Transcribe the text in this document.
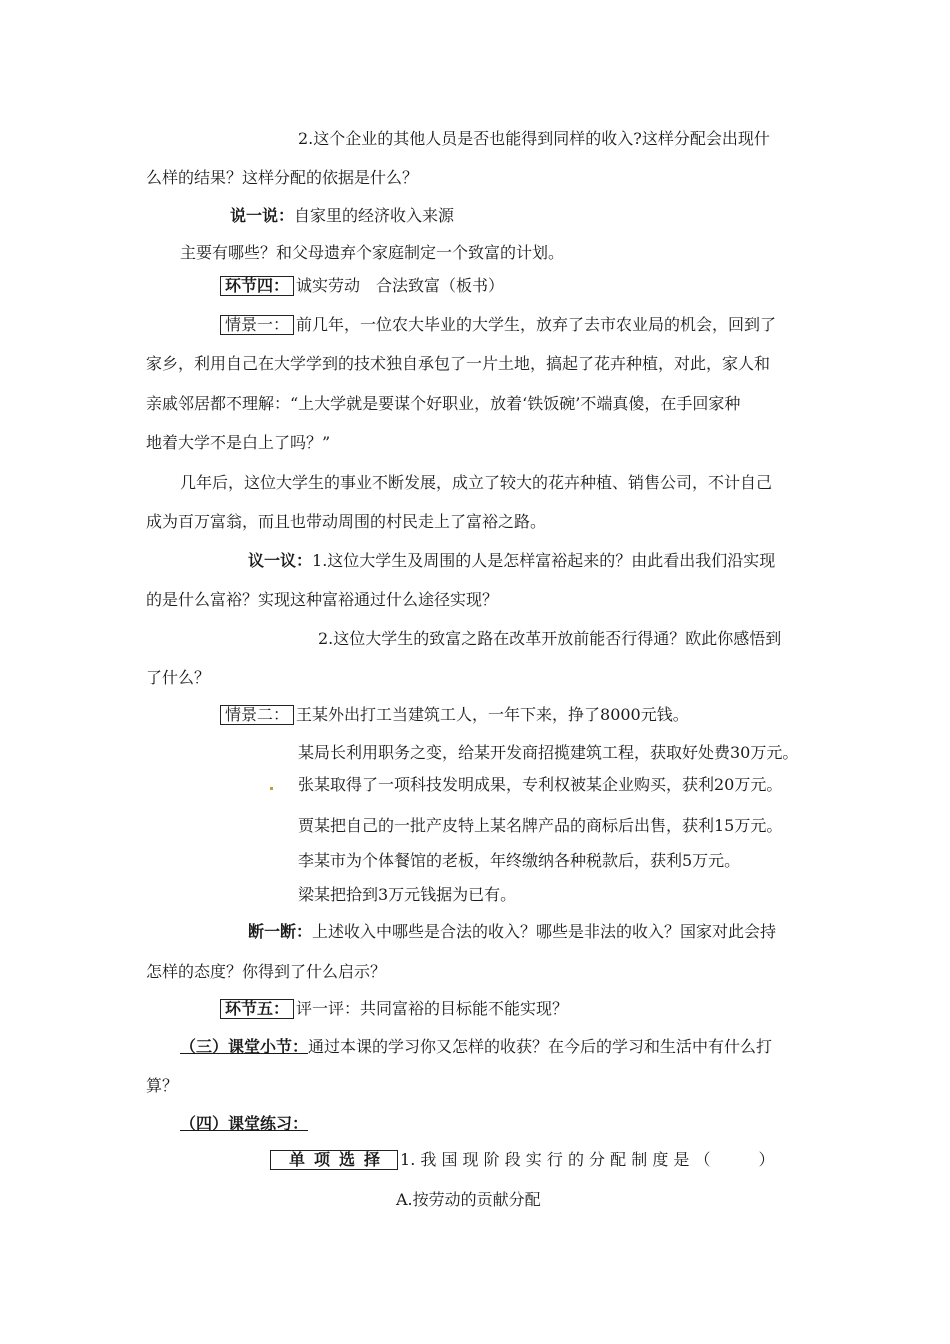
2.这个企业的其他人员是否也能得到同样的收入?这样分配会出现什
么样的结果？这样分配的依据是什么？
说一说：自家里的经济收入来源
主要有哪些？和父母遗弃个家庭制定一个致富的计划。
环节四： 诚实劳动　合法致富（板书）
情景一： 前几年，一位农大毕业的大学生，放弃了去市农业局的机会，回到了
家乡，利用自己在大学学到的技术独自承包了一片土地，搞起了花卉种植，对此，家人和
亲戚邻居都不理解：“上大学就是要谋个好职业，放着‘铁饭碗’不端真傻，在手回家种
地着大学不是白上了吗？”
几年后，这位大学生的事业不断发展，成立了较大的花卉种植、销售公司，不计自己
成为百万富翁，而且也带动周围的村民走上了富裕之路。
议一议：1.这位大学生及周围的人是怎样富裕起来的？由此看出我们沿实现
的是什么富裕？实现这种富裕通过什么途径实现？
2.这位大学生的致富之路在改革开放前能否行得通？欧此你感悟到
了什么？
情景二： 王某外出打工当建筑工人，一年下来，挣了8000元钱。
某局长利用职务之变，给某开发商招揽建筑工程，获取好处费30万元。
张某取得了一项科技发明成果，专利权被某企业购买，获利20万元。
贾某把自己的一批产皮特上某名牌产品的商标后出售，获利15万元。
李某市为个体餐馆的老板，年终缴纳各种税款后，获利5万元。
梁某把拾到3万元钱据为已有。
断一断：上述收入中哪些是合法的收入？哪些是非法的收入？国家对此会持
怎样的态度？你得到了什么启示？
环节五： 评一评：共同富裕的目标能不能实现？
（三）课堂小节：通过本课的学习你又怎样的收获？在今后的学习和生活中有什么打
算？
（四）课堂练习：
单项选择 1. 我 国 现 阶 段 实 行 的 分 配 制 度 是 （　　　）
A.按劳动的贡献分配
